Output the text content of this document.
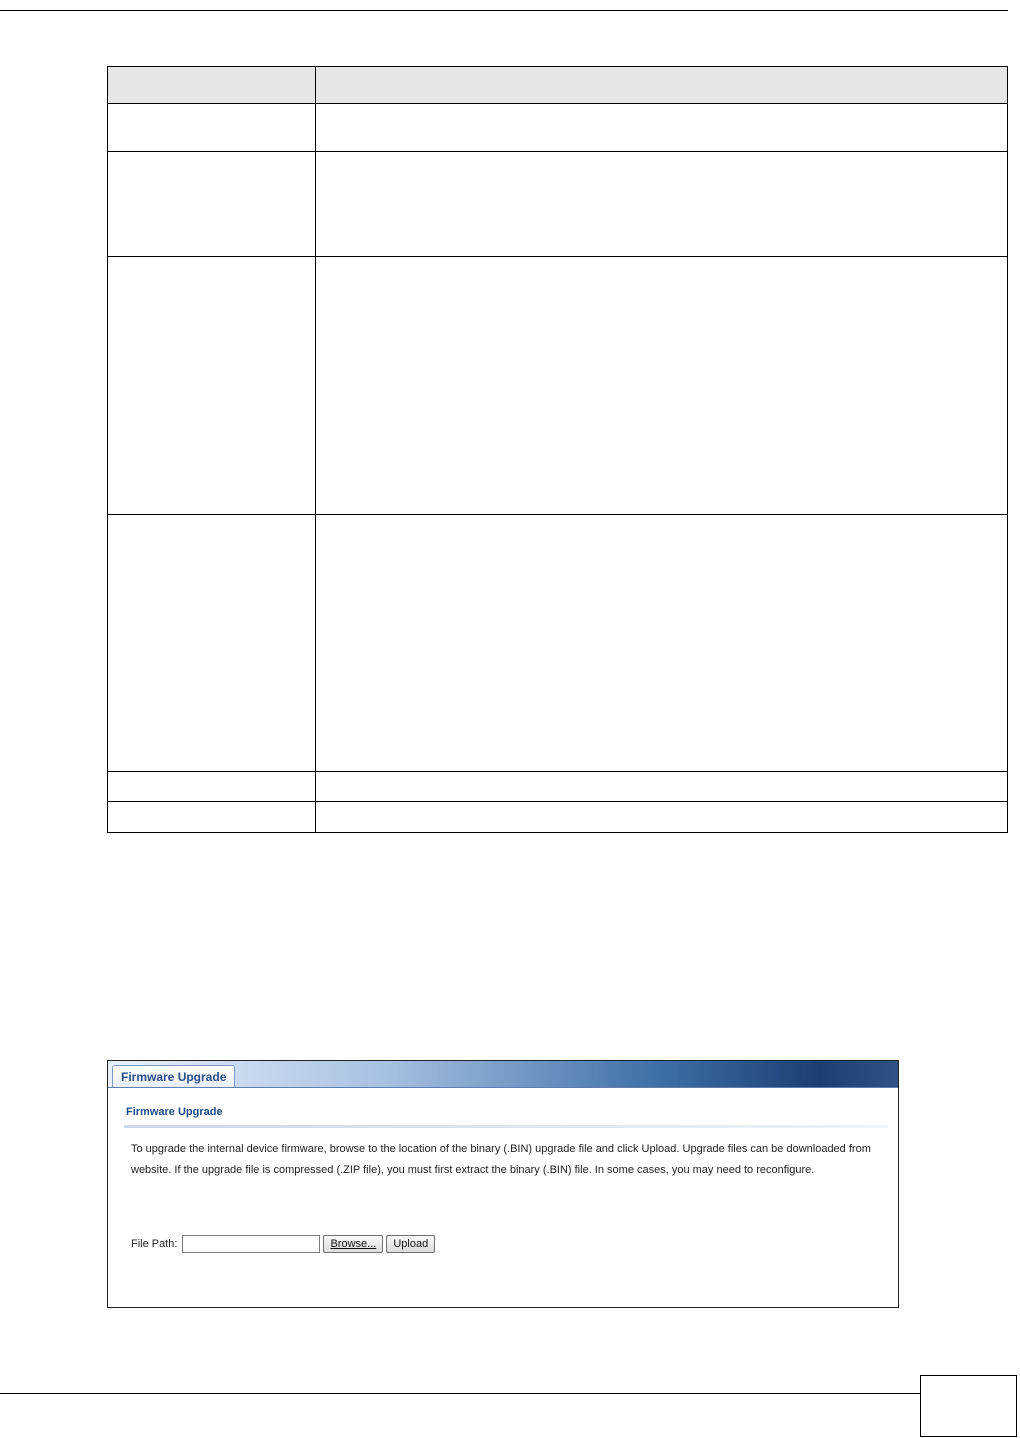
Firmware Upgrade
Firmware Upgrade
To upgrade the internal device firmware, browse to the location of the binary (.BIN) upgrade file and click Upload. Upgrade files can be downloaded from website. If the upgrade file is compressed (.ZIP file), you must first extract the binary (.BIN) file. In some cases, you may need to reconfigure.
File Path:	Browse...	Upload
